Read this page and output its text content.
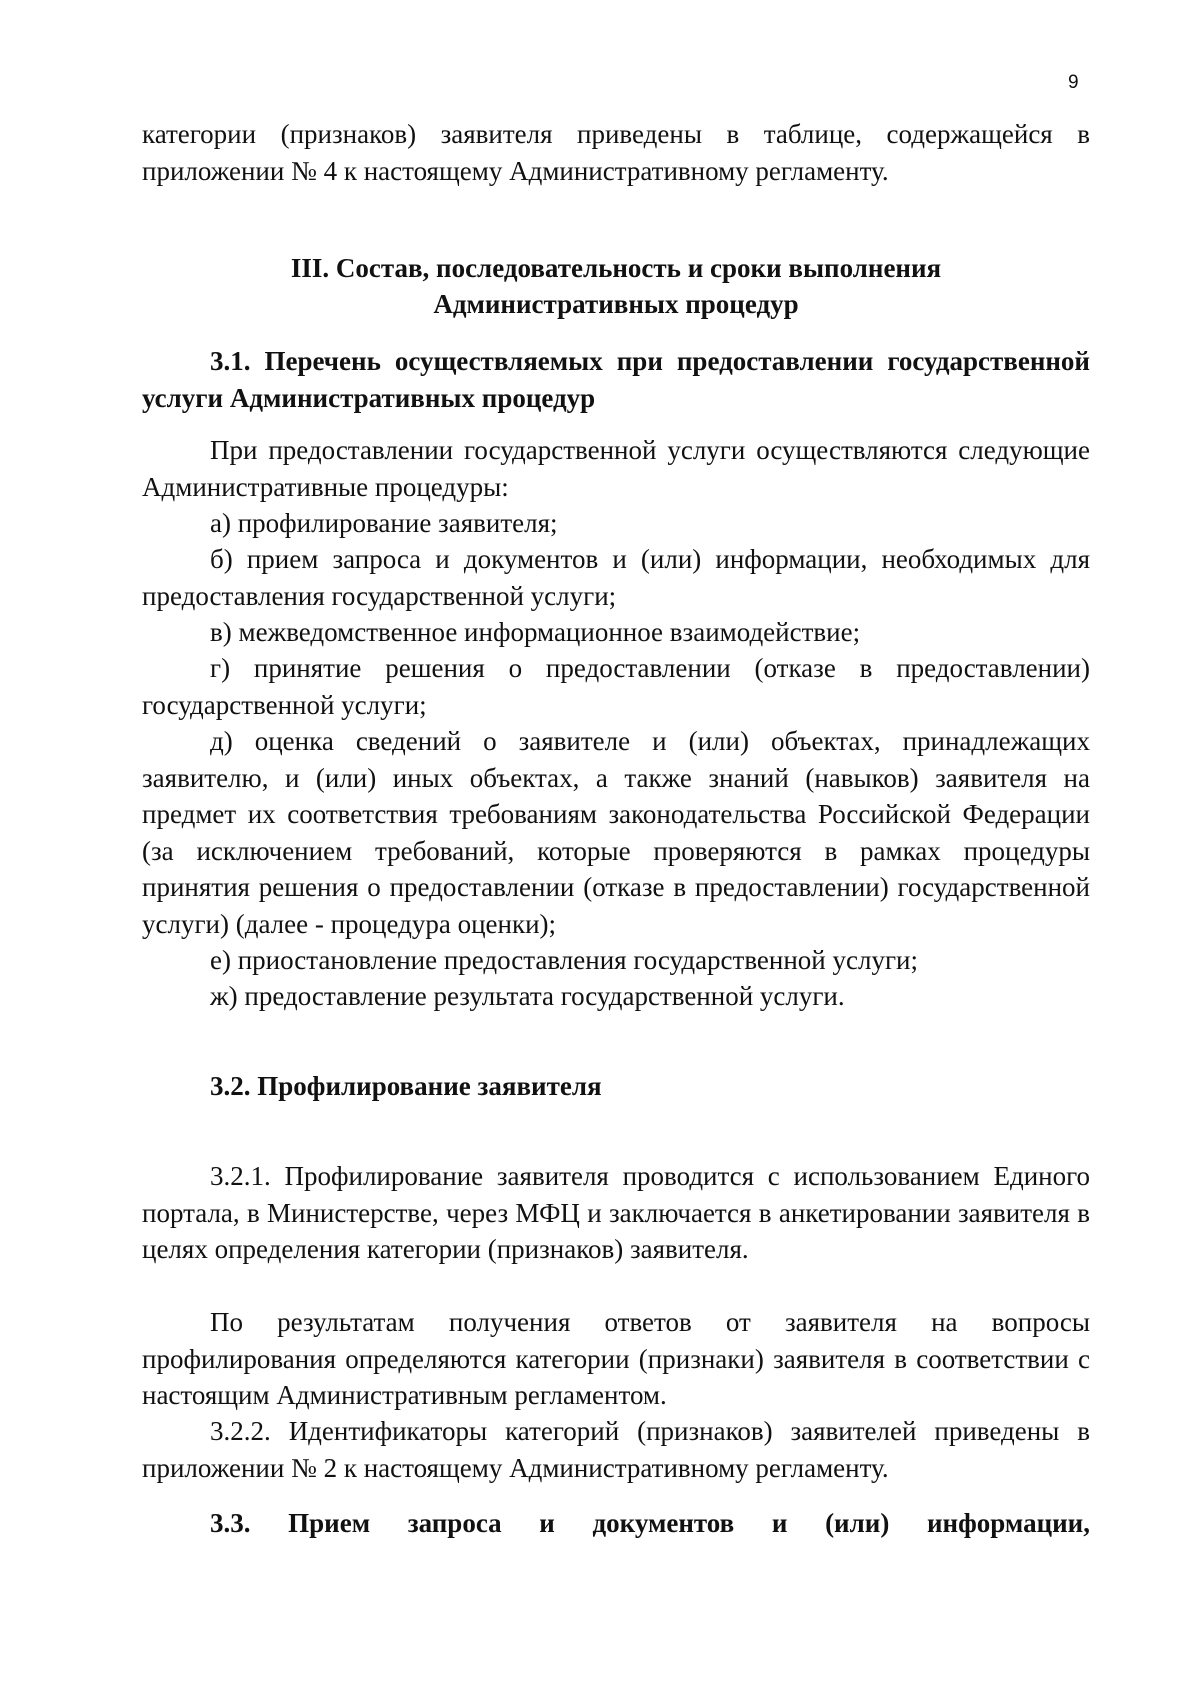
9

категории (признаков) заявителя приведены в таблице, содержащейся в приложении № 4 к настоящему Административному регламенту.

III. Состав, последовательность и сроки выполнения
Административных процедур
3.1. Перечень осуществляемых при предоставлении государственной услуги Административных процедур

При предоставлении государственной услуги осуществляются следующие Административные процедуры:

а) профилирование заявителя;

б) прием запроса и документов и (или) информации, необходимых для предоставления государственной услуги;

в) межведомственное информационное взаимодействие;

г) принятие решения о предоставлении (отказе в предоставлении) государственной услуги;

д) оценка сведений о заявителе и (или) объектах, принадлежащих заявителю, и (или) иных объектах, а также знаний (навыков) заявителя на предмет их соответствия требованиям законодательства Российской Федерации (за исключением требований, которые проверяются в рамках процедуры принятия решения о предоставлении (отказе в предоставлении) государственной услуги) (далее - процедура оценки);

е) приостановление предоставления государственной услуги;

ж) предоставление результата государственной услуги.

3.2. Профилирование заявителя

3.2.1. Профилирование заявителя проводится с использованием Единого портала, в Министерстве, через МФЦ и заключается в анкетировании заявителя в целях определения категории (признаков) заявителя.

По результатам получения ответов от заявителя на вопросы профилирования определяются категории (признаки) заявителя в соответствии с настоящим Административным регламентом.

3.2.2. Идентификаторы категорий (признаков) заявителей приведены в приложении № 2 к настоящему Административному регламенту.

3.3. Прием запроса и документов и (или) информации,
